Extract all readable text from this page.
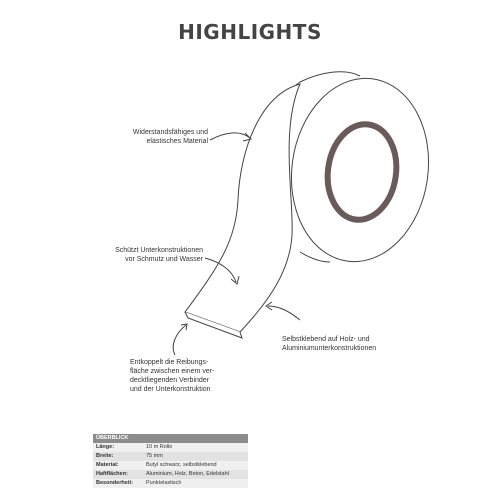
HIGHLIGHTS
Widerstandsfähiges und
elastisches Material
Schützt Unterkonstruktionen
vor Schmutz und Wasser
Selbstklebend auf Holz- und
Aluminiumunterkonstruktionen
Entkoppelt die Reibungs-
fläche zwischen einem ver-
decktliegenden Verbinder
und der Unterkonstruktion
ÜBERBLICK
Länge:	10 m Rolle
Breite:	75 mm
Material:	Butyl schwarz, selbstklebend
Haftflächen:	Aluminium, Holz, Beton, Edelstahl
Besonderheit:	Punktelastisch
